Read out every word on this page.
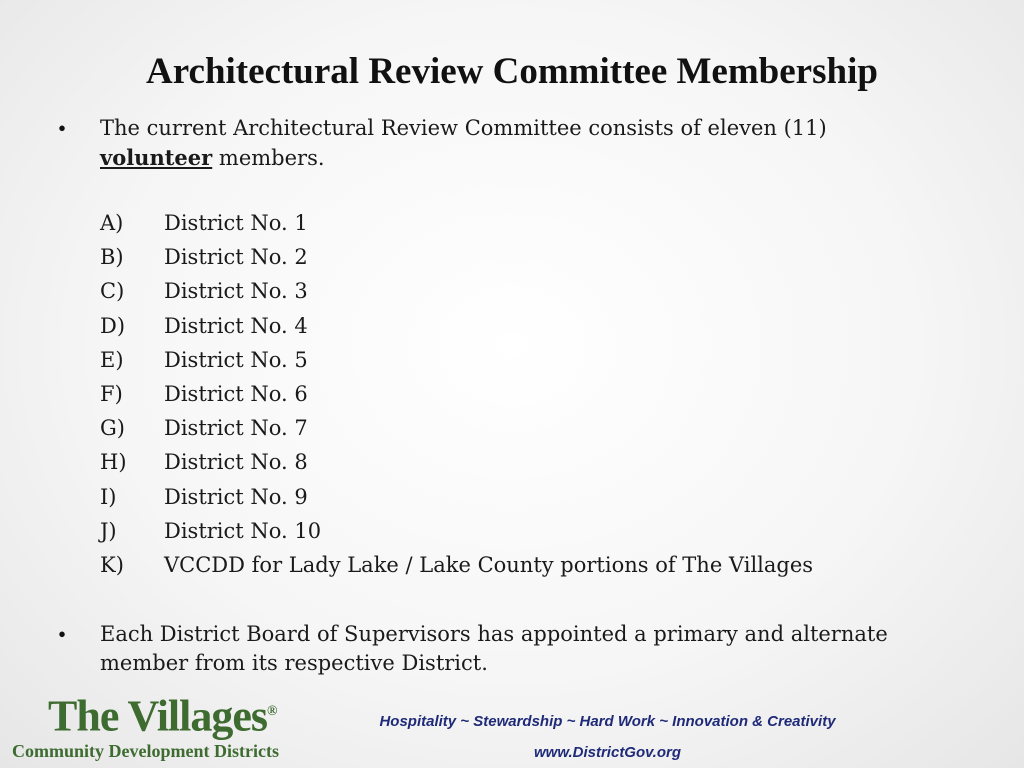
Architectural Review Committee Membership
• The current Architectural Review Committee consists of eleven (11)
volunteer members.
A)	District No. 1
B)	District No. 2
C)	District No. 3
D)	District No. 4
E)	District No. 5
F)	District No. 6
G)	District No. 7
H)	District No. 8
I)	District No. 9
J)	District No. 10
K)	VCCDD for Lady Lake / Lake County portions of The Villages
• Each District Board of Supervisors has appointed a primary and alternate member from its respective District.
The Villages®
Community Development Districts
Hospitality ~ Stewardship ~ Hard Work ~ Innovation & Creativity
www.DistrictGov.org
